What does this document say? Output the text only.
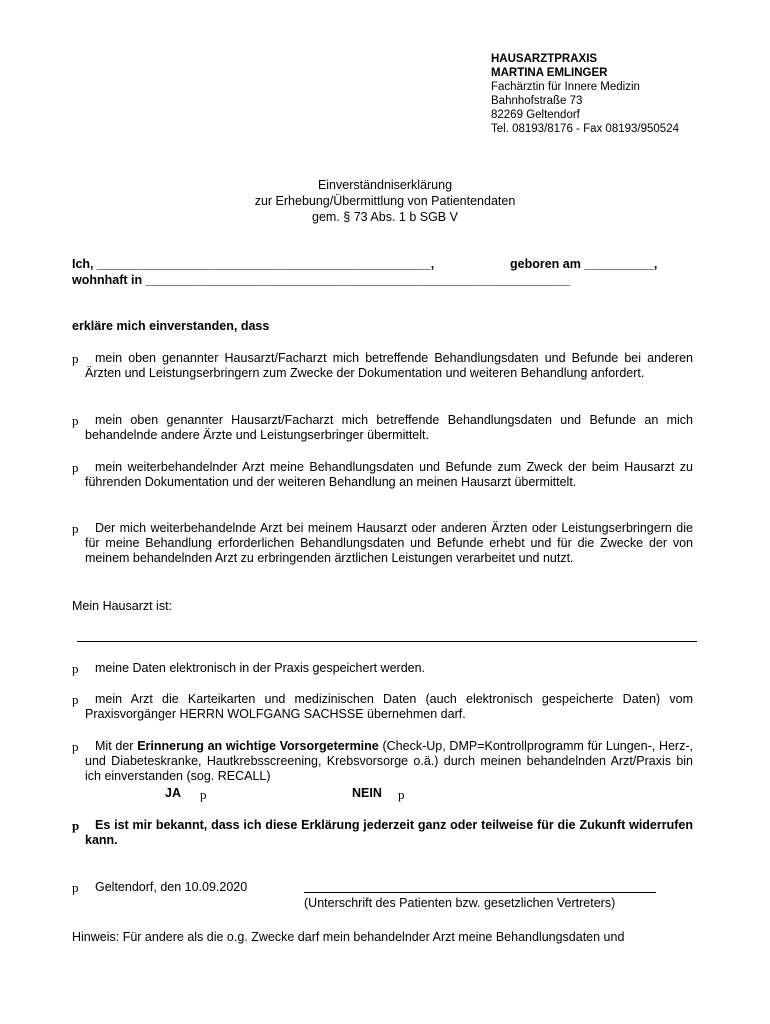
HAUSARZTPRAXIS
MARTINA EMLINGER
Fachärztin für Innere Medizin
Bahnhofstraße 73
82269 Geltendorf
Tel. 08193/8176 - Fax 08193/950524
Einverständniserklärung
zur Erhebung/Übermittlung von Patientendaten
gem. § 73 Abs. 1 b SGB V
Ich, ________________________________________________,	geboren am __________,
wohnhaft in _____________________________________________________________
erkläre mich einverstanden, dass
p	mein oben genannter Hausarzt/Facharzt mich betreffende Behandlungsdaten und Befunde bei anderen Ärzten und Leistungserbringern zum Zwecke der Dokumentation und weiteren Behandlung anfordert.
p	mein oben genannter Hausarzt/Facharzt mich betreffende Behandlungsdaten und Befunde an mich behandelnde andere Ärzte und Leistungserbringer übermittelt.
p	mein weiterbehandelnder Arzt meine Behandlungsdaten und Befunde zum Zweck der beim Hausarzt zu führenden Dokumentation und der weiteren Behandlung an meinen Hausarzt übermittelt.
p	Der mich weiterbehandelnde Arzt bei meinem Hausarzt oder anderen Ärzten oder Leistungserbringern die für meine Behandlung erforderlichen Behandlungsdaten und Befunde erhebt und für die Zwecke der von meinem behandelnden Arzt zu erbringenden ärztlichen Leistungen verarbeitet und nutzt.
Mein Hausarzt ist:
p	meine Daten elektronisch in der Praxis gespeichert werden.
p	mein Arzt die Karteikarten und medizinischen Daten (auch elektronisch gespeicherte Daten) vom Praxisvorgänger HERRN WOLFGANG SACHSSE übernehmen darf.
p	Mit der Erinnerung an wichtige Vorsorgetermine (Check-Up, DMP=Kontrollprogramm für Lungen-, Herz-, und Diabeteskranke, Hautkrebsscreening, Krebsvorsorge o.ä.) durch meinen behandelnden Arzt/Praxis bin ich einverstanden (sog. RECALL)
JA p	NEIN p
p	Es ist mir bekannt, dass ich diese Erklärung jederzeit ganz oder teilweise für die Zukunft widerrufen kann.
p Geltendorf, den 10.09.2020
(Unterschrift des Patienten bzw. gesetzlichen Vertreters)
Hinweis: Für andere als die o.g. Zwecke darf mein behandelnder Arzt meine Behandlungsdaten und
